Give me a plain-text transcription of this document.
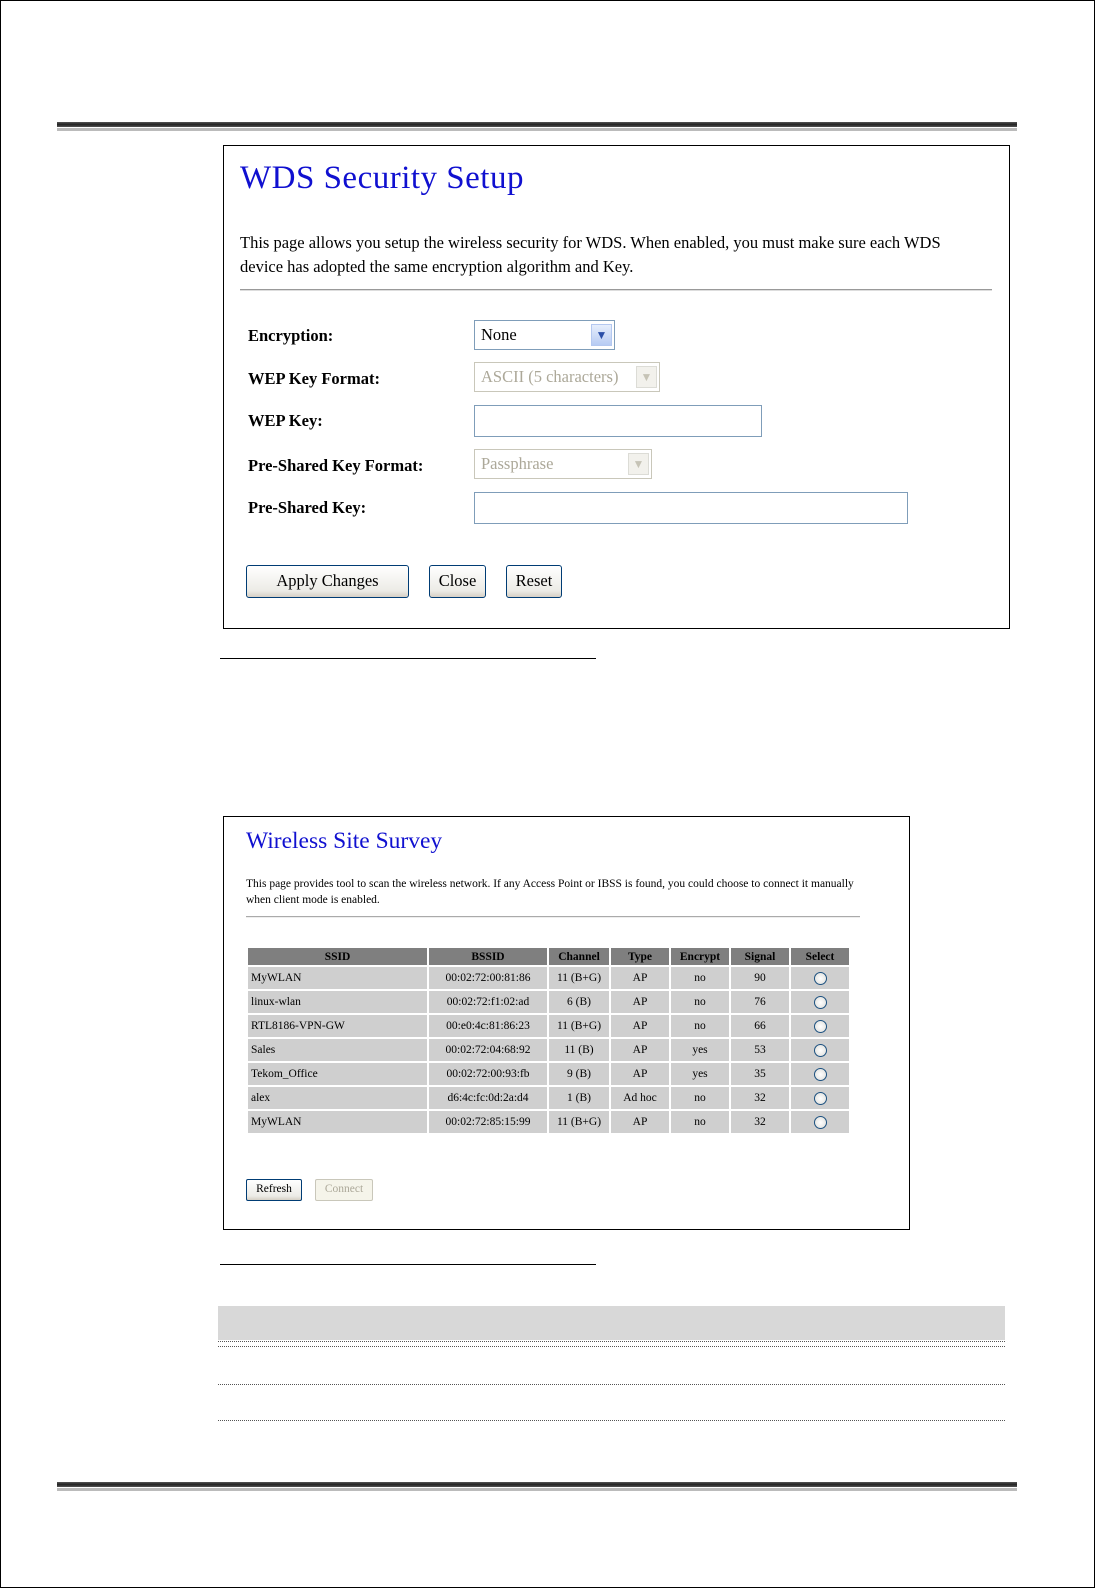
WDS Security Setup
This page allows you setup the wireless security for WDS. When enabled, you must make sure each WDS device has adopted the same encryption algorithm and Key.
Encryption:	None	▼
WEP Key Format:	ASCII (5 characters)	▼
WEP Key:
Pre-Shared Key Format:	Passphrase	▼
Pre-Shared Key:
Apply Changes	Close	Reset
Wireless Site Survey
This page provides tool to scan the wireless network. If any Access Point or IBSS is found, you could choose to connect it manually when client mode is enabled.
SSID	BSSID	Channel	Type	Encrypt	Signal	Select
MyWLAN	00:02:72:00:81:86	11 (B+G)	AP	no	90	
linux-wlan	00:02:72:f1:02:ad	6 (B)	AP	no	76	
RTL8186-VPN-GW	00:e0:4c:81:86:23	11 (B+G)	AP	no	66	
Sales	00:02:72:04:68:92	11 (B)	AP	yes	53	
Tekom_Office	00:02:72:00:93:fb	9 (B)	AP	yes	35	
alex	d6:4c:fc:0d:2a:d4	1 (B)	Ad hoc	no	32	
MyWLAN	00:02:72:85:15:99	11 (B+G)	AP	no	32	
Refresh	Connect
